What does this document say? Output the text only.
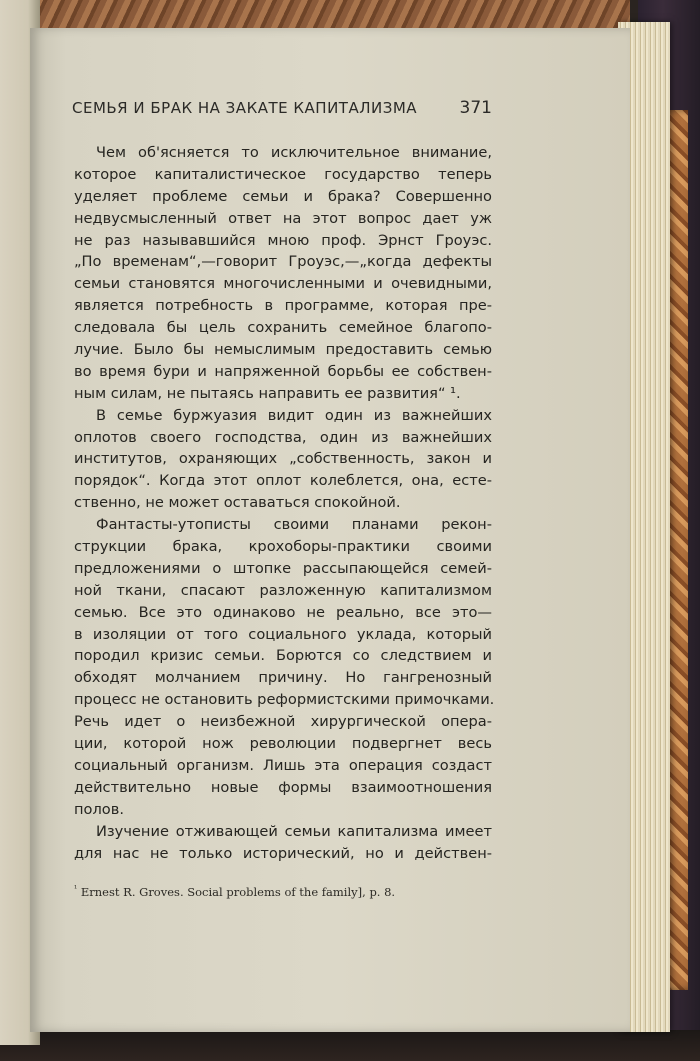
СЕМЬЯ И БРАК НА ЗАКАТЕ КАПИТАЛИЗМА	371
Чем об'ясняется то исключительное внимание,
которое капиталистическое государство теперь
уделяет проблеме семьи и брака? Совершенно
недвусмысленный ответ на этот вопрос дает уж
не раз называвшийся мною проф. Эрнст Гроуэс.
„По временам“,—говорит Гроуэс,—„когда дефекты
семьи становятся многочисленными и очевидными,
является потребность в программе, которая пре-
следовала бы цель сохранить семейное благопо-
лучие. Было бы немыслимым предоставить семью
во время бури и напряженной борьбы ее собствен-
ным силам, не пытаясь направить ее развития“ ¹.
В семье буржуазия видит один из важнейших
оплотов своего господства, один из важнейших
институтов, охраняющих „собственность, закон и
порядок“. Когда этот оплот колеблется, она, есте-
ственно, не может оставаться спокойной.
Фантасты-утописты своими планами рекон-
струкции брака, крохоборы-практики своими
предложениями о штопке рассыпающейся семей-
ной ткани, спасают разложенную капитализмом
семью. Все это одинаково не реально, все это—
в изоляции от того социального уклада, который
породил кризис семьи. Борются со следствием и
обходят молчанием причину. Но гангренозный
процесс не остановить реформистскими примочками.
Речь идет о неизбежной хирургической опера-
ции, которой нож революции подвергнет весь
социальный организм. Лишь эта операция создаст
действительно новые формы взаимоотношения
полов.
Изучение отживающей семьи капитализма имеет
для нас не только исторический, но и действен-
$^{^1}$ Ernest R. Groves. Social problems of the family], p. 8.
